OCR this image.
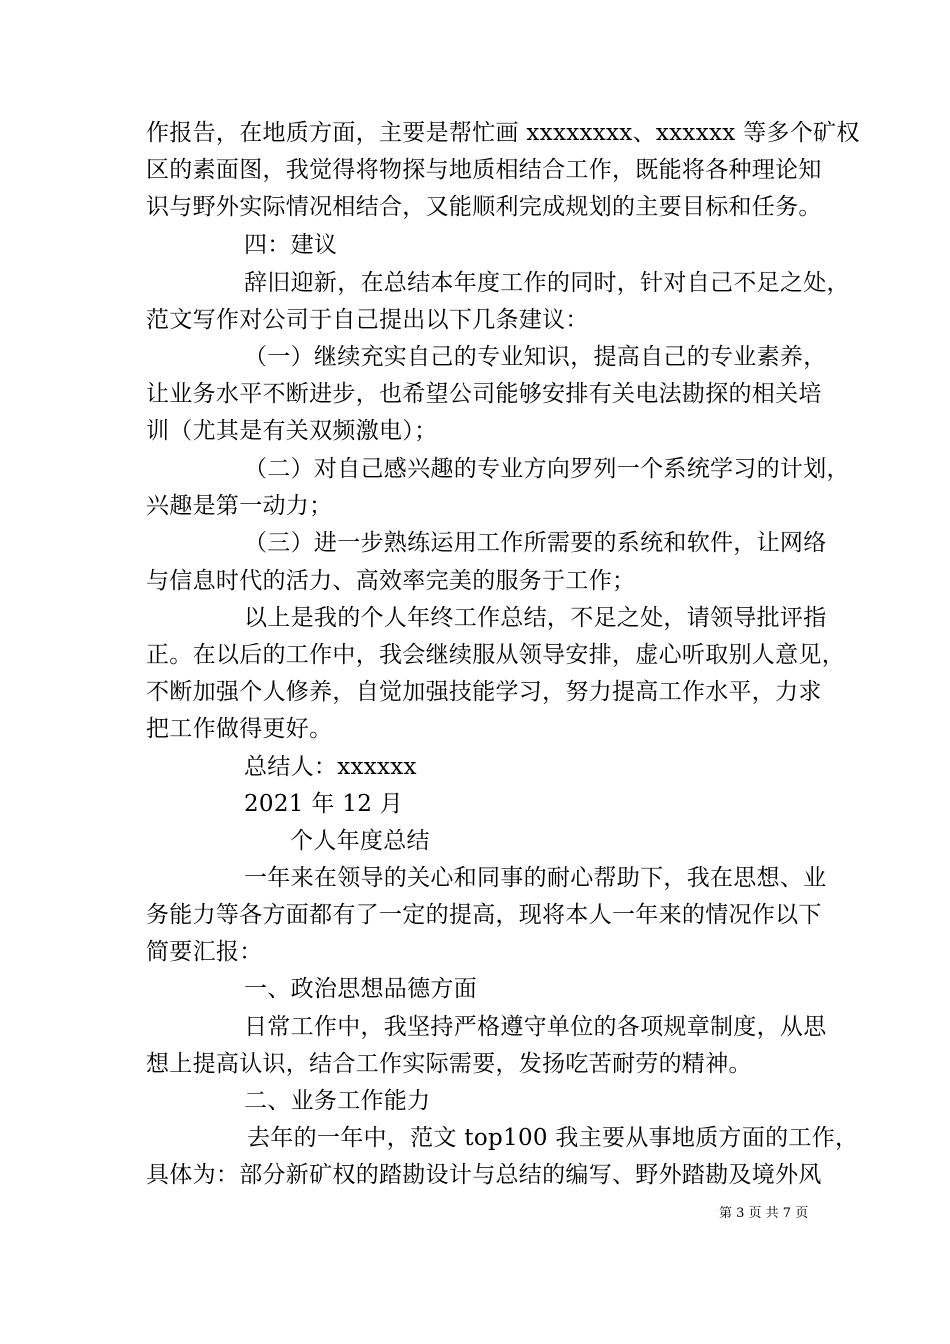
作报告，在地质方面，主要是帮忙画 xxxxxxxx、xxxxxx 等多个矿权
区的素面图，我觉得将物探与地质相结合工作，既能将各种理论知
识与野外实际情况相结合，又能顺利完成规划的主要目标和任务。
四：建议
辞旧迎新，在总结本年度工作的同时，针对自己不足之处，
范文写作对公司于自己提出以下几条建议：
（一）继续充实自己的专业知识，提高自己的专业素养，
让业务水平不断进步，也希望公司能够安排有关电法勘探的相关培
训（尤其是有关双频激电）；
（二）对自己感兴趣的专业方向罗列一个系统学习的计划，
兴趣是第一动力；
（三）进一步熟练运用工作所需要的系统和软件，让网络
与信息时代的活力、高效率完美的服务于工作；
以上是我的个人年终工作总结，不足之处，请领导批评指
正。在以后的工作中，我会继续服从领导安排，虚心听取别人意见，
不断加强个人修养，自觉加强技能学习，努力提高工作水平，力求
把工作做得更好。
总结人：xxxxxx
2021 年 12 月
个人年度总结
一年来在领导的关心和同事的耐心帮助下，我在思想、业
务能力等各方面都有了一定的提高，现将本人一年来的情况作以下
简要汇报：
一、政治思想品德方面
日常工作中，我坚持严格遵守单位的各项规章制度，从思
想上提高认识，结合工作实际需要，发扬吃苦耐劳的精神。
二、业务工作能力
去年的一年中，范文 top100 我主要从事地质方面的工作，
具体为：部分新矿权的踏勘设计与总结的编写、野外踏勘及境外风
第 3 页 共 7 页
